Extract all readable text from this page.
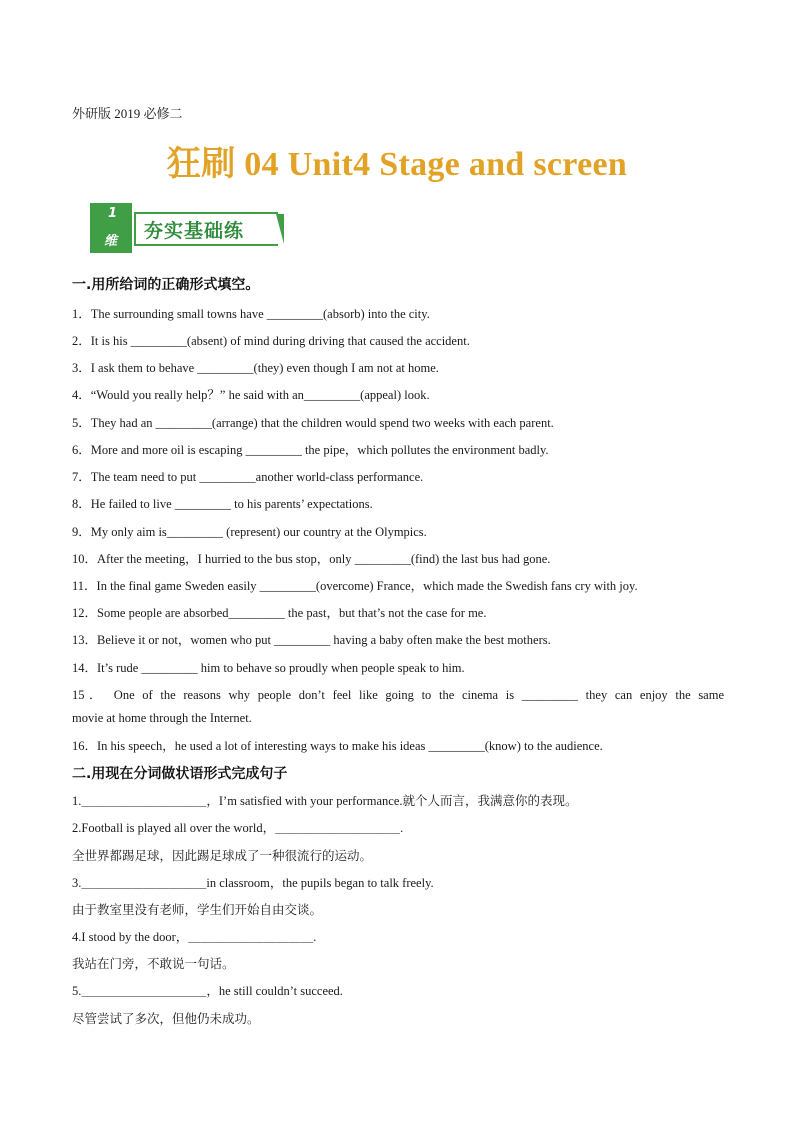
外研版 2019 必修二
狂刷 04 Unit4 Stage and screen
1
维 夯实基础练
一.用所给词的正确形式填空。
1．The surrounding small towns have _________(absorb) into the city.
2．It is his _________(absent) of mind during driving that caused the accident.
3．I ask them to behave _________(they) even though I am not at home.
4．“Would you really help？” he said with an_________(appeal) look.
5．They had an _________(arrange) that the children would spend two weeks with each parent.
6．More and more oil is escaping _________ the pipe，which pollutes the environment badly.
7．The team need to put _________another world-class performance.
8．He failed to live _________ to his parents’ expectations.
9．My only aim is_________ (represent) our country at the Olympics.
10．After the meeting，I hurried to the bus stop，only _________(find) the last bus had gone.
11．In the final game Sweden easily _________(overcome) France，which made the Swedish fans cry with joy.
12．Some people are absorbed_________ the past，but that’s not the case for me.
13．Believe it or not，women who put _________ having a baby often make the best mothers.
14．It’s rude _________ him to behave so proudly when people speak to him.
15． One of the reasons why people don’t feel like going to the cinema is _________ they can enjoy the same
movie at home through the Internet.
16．In his speech，he used a lot of interesting ways to make his ideas _________(know) to the audience.
二.用现在分词做状语形式完成句子
1.＿＿＿＿＿＿＿＿＿＿，I’m satisfied with your performance.就个人而言，我满意你的表现。
2.Football is played all over the world，＿＿＿＿＿＿＿＿＿＿.
全世界都踢足球，因此踢足球成了一种很流行的运动。
3.＿＿＿＿＿＿＿＿＿＿in classroom，the pupils began to talk freely.
由于教室里没有老师，学生们开始自由交谈。
4.I stood by the door，＿＿＿＿＿＿＿＿＿＿.
我站在门旁，不敢说一句话。
5.＿＿＿＿＿＿＿＿＿＿，he still couldn’t succeed.
尽管尝试了多次，但他仍未成功。
